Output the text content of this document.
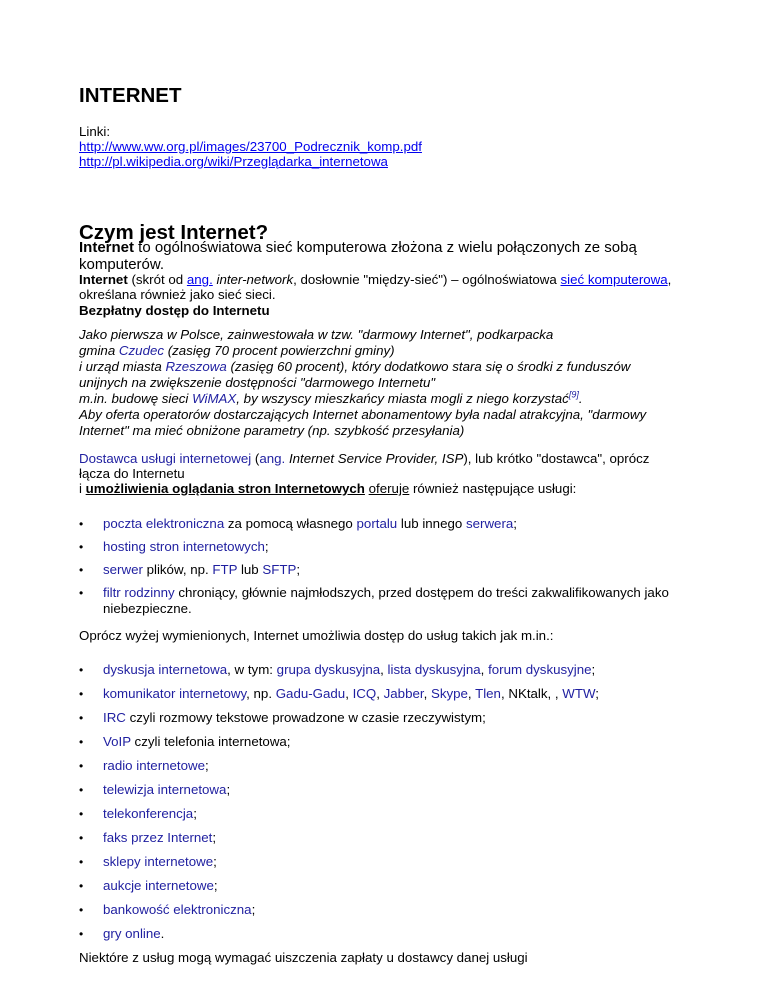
INTERNET
Linki:
http://www.ww.org.pl/images/23700_Podrecznik_komp.pdf
http://pl.wikipedia.org/wiki/Przeglądarka_internetowa
Czym jest Internet?
Internet to ogólnoświatowa sieć komputerowa złożona z wielu połączonych ze sobą
komputerów.
Internet (skrót od ang. inter-network, dosłownie "między-sieć") – ogólnoświatowa sieć komputerowa,
określana również jako sieć sieci.
Bezpłatny dostęp do Internetu
Jako pierwsza w Polsce, zainwestowała w tzw. "darmowy Internet", podkarpacka
gmina Czudec (zasięg 70 procent powierzchni gminy)
i urząd miasta Rzeszowa (zasięg 60 procent), który dodatkowo stara się o środki z funduszów
unijnych na zwiększenie dostępności "darmowego Internetu"
m.in. budowę sieci WiMAX, by wszyscy mieszkańcy miasta mogli z niego korzystać[9].
Aby oferta operatorów dostarczających Internet abonamentowy była nadal atrakcyjna, "darmowy
Internet" ma mieć obniżone parametry (np. szybkość przesyłania)
Dostawca usługi internetowej (ang. Internet Service Provider, ISP), lub krótko "dostawca", oprócz
łącza do Internetu
i umożliwienia oglądania stron Internetowych oferuje również następujące usługi:
•	poczta elektroniczna za pomocą własnego portalu lub innego serwera;
•	hosting stron internetowych;
•	serwer plików, np. FTP lub SFTP;
•	filtr rodzinny chroniący, głównie najmłodszych, przed dostępem do treści zakwalifikowanych jako
niebezpieczne.
Oprócz wyżej wymienionych, Internet umożliwia dostęp do usług takich jak m.in.:
•	dyskusja internetowa, w tym: grupa dyskusyjna, lista dyskusyjna, forum dyskusyjne;
•	komunikator internetowy, np. Gadu-Gadu, ICQ, Jabber, Skype, Tlen, NKtalk, , WTW;
•	IRC czyli rozmowy tekstowe prowadzone w czasie rzeczywistym;
•	VoIP czyli telefonia internetowa;
•	radio internetowe;
•	telewizja internetowa;
•	telekonferencja;
•	faks przez Internet;
•	sklepy internetowe;
•	aukcje internetowe;
•	bankowość elektroniczna;
•	gry online.
Niektóre z usług mogą wymagać uiszczenia zapłaty u dostawcy danej usługi
